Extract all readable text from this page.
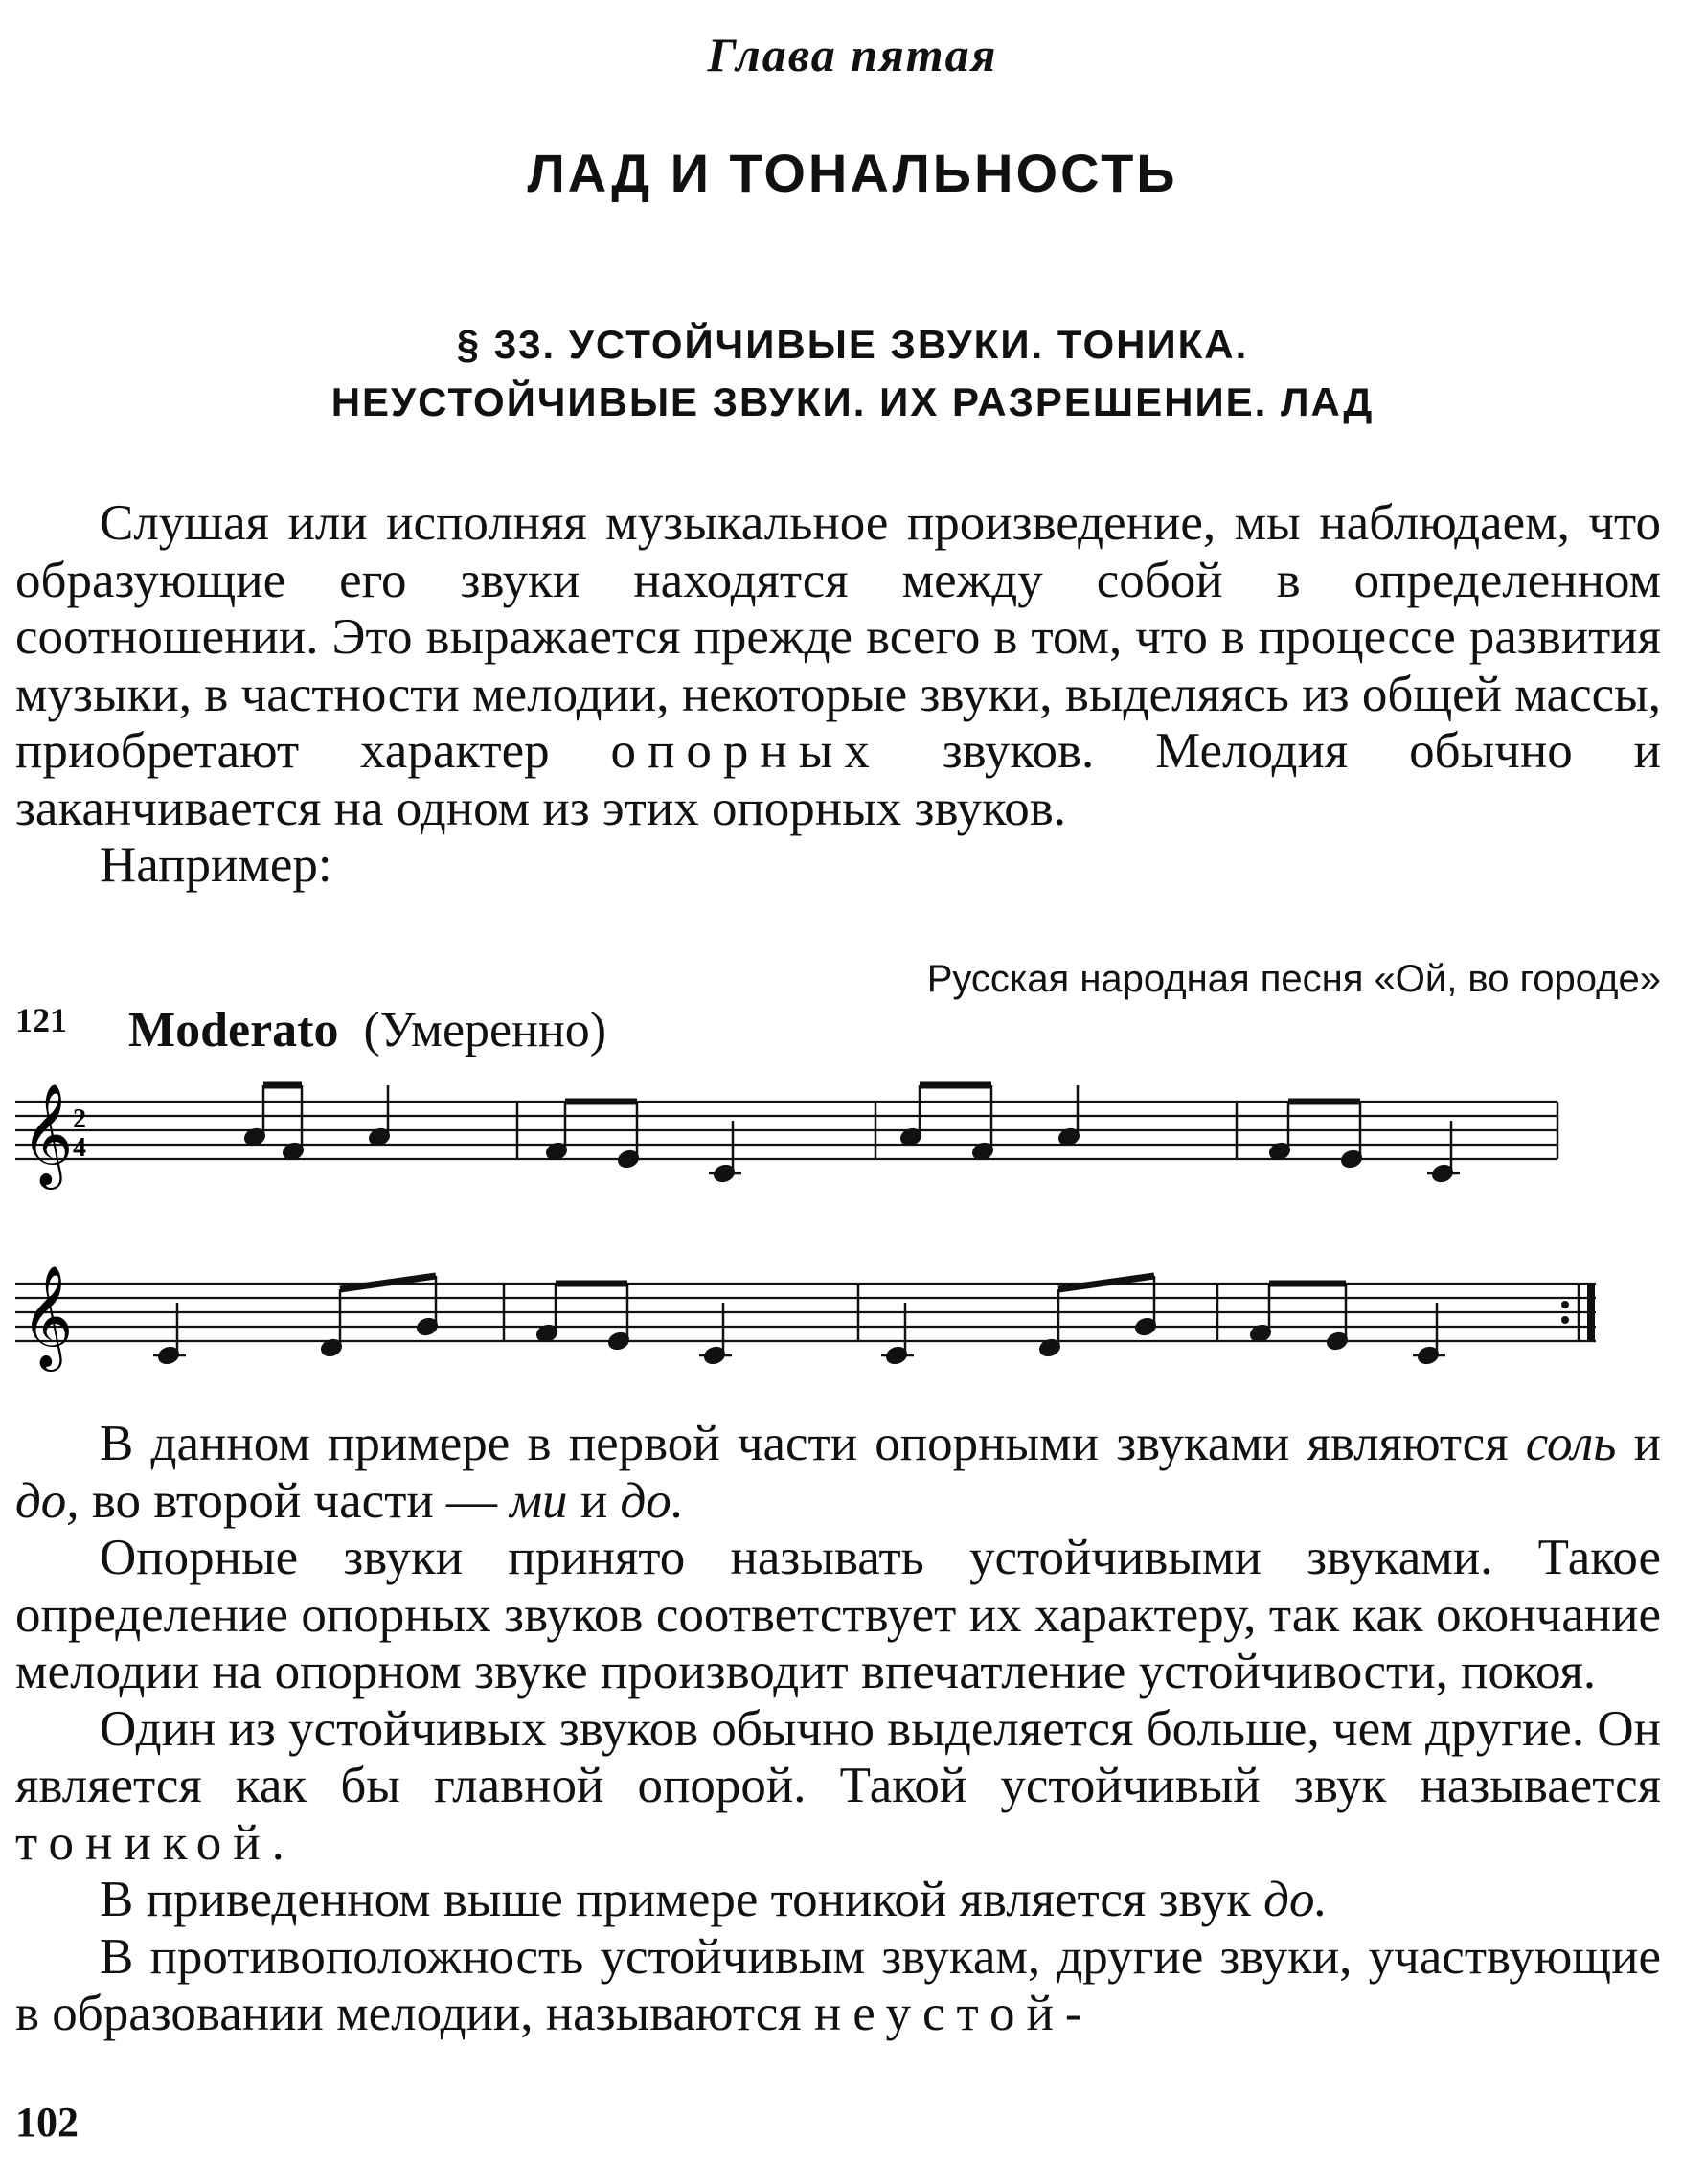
Глава пятая
ЛАД И ТОНАЛЬНОСТЬ
§ 33. УСТОЙЧИВЫЕ ЗВУКИ. ТОНИКА.
НЕУСТОЙЧИВЫЕ ЗВУКИ. ИХ РАЗРЕШЕНИЕ. ЛАД

Слушая или исполняя музыкальное произведение, мы наблюдаем, что образующие его звуки находятся между собой в определенном соотношении. Это выражается прежде всего в том, что в процессе развития музыки, в частности мелодии, некоторые звуки, выделяясь из общей массы, приобретают характер опорных звуков. Мелодия обычно и заканчивается на одном из этих опорных звуков.

Например:

Русская народная песня «Ой, во городе»
121 Moderato (Умеренно)
𝄞 2
4
𝄞

В данном примере в первой части опорными звуками являются соль и до, во второй части — ми и до.

Опорные звуки принято называть устойчивыми звуками. Такое определение опорных звуков соответствует их характеру, так как окончание мелодии на опорном звуке производит впечатление устойчивости, покоя.

Один из устойчивых звуков обычно выделяется больше, чем другие. Он является как бы главной опорой. Такой устойчивый звук называется тоникой.

В приведенном выше примере тоникой является звук до.

В противоположность устойчивым звукам, другие звуки, участвующие в образовании мелодии, называются неустой-

102
